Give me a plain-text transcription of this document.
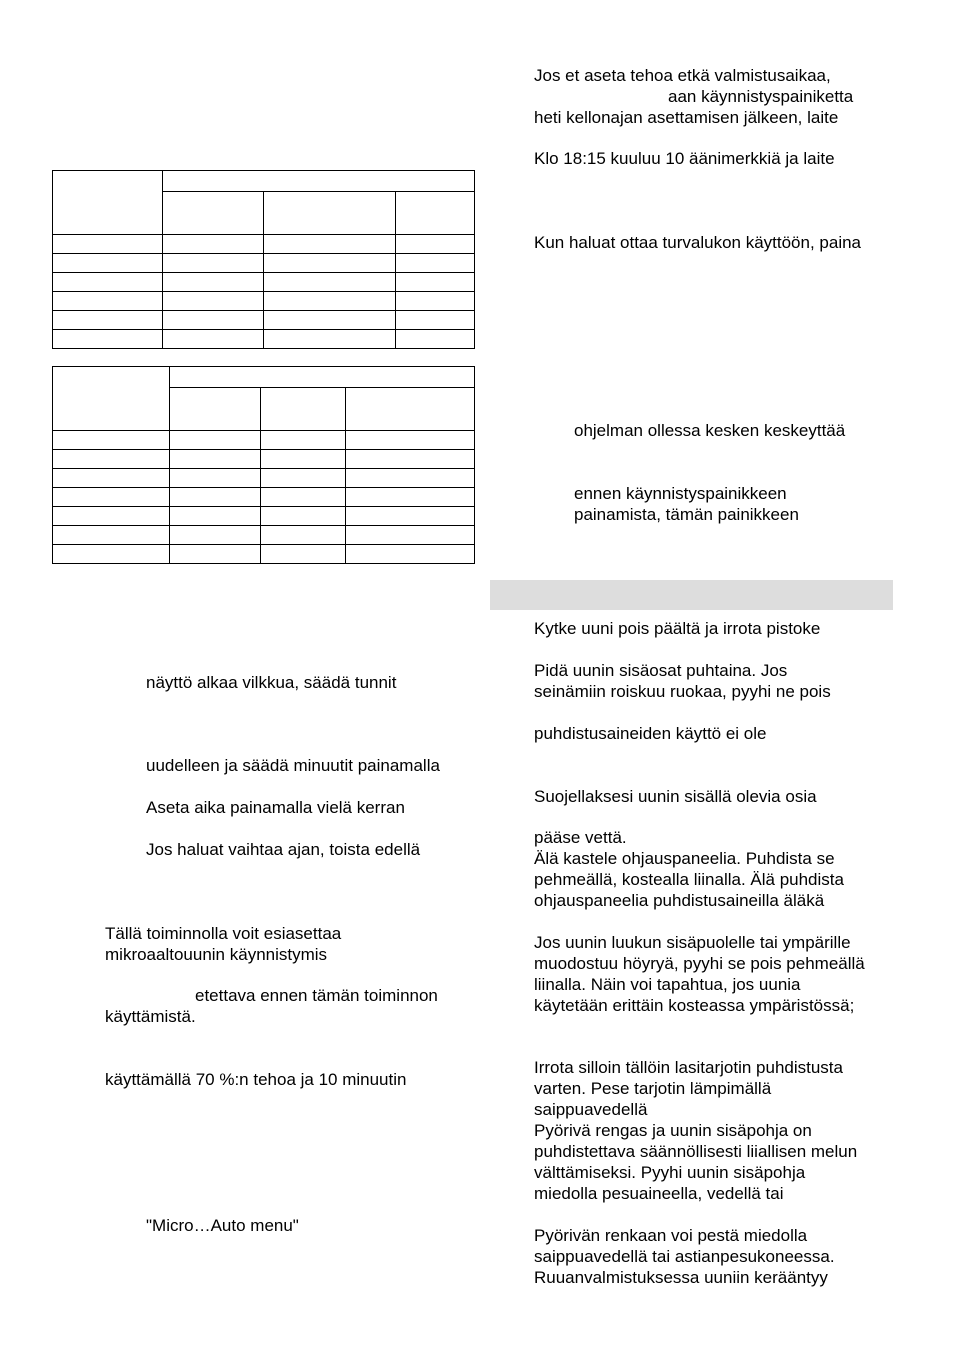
näyttö alkaa vilkkua, säädä tunnit
uudelleen ja säädä minuutit painamalla
Aseta aika painamalla vielä kerran
Jos haluat vaihtaa ajan, toista edellä
Tällä toiminnolla voit esiasettaa
mikroaaltouunin käynnistymis
etettava ennen tämän toiminnon
käyttämistä.
käyttämällä 70 %:n tehoa ja 10 minuutin
"Micro…Auto menu"
Jos et aseta tehoa etkä valmistusaikaa,
aan käynnistyspainiketta
heti kellonajan asettamisen jälkeen, laite
Klo 18:15 kuuluu 10 äänimerkkiä ja laite
Kun haluat ottaa turvalukon käyttöön, paina
ohjelman ollessa kesken keskeyttää
ennen käynnistyspainikkeen
painamista, tämän painikkeen
Kytke uuni pois päältä ja irrota pistoke
Pidä uunin sisäosat puhtaina. Jos
seinämiin roiskuu ruokaa, pyyhi ne pois
puhdistusaineiden käyttö ei ole
Suojellaksesi uunin sisällä olevia osia
pääse vettä.
Älä kastele ohjauspaneelia. Puhdista se
pehmeällä, kostealla liinalla. Älä puhdista
ohjauspaneelia puhdistusaineilla äläkä
Jos uunin luukun sisäpuolelle tai ympärille
muodostuu höyryä, pyyhi se pois pehmeällä
liinalla. Näin voi tapahtua, jos uunia
käytetään erittäin kosteassa ympäristössä;
Irrota silloin tällöin lasitarjotin puhdistusta
varten. Pese tarjotin lämpimällä
saippuavedellä
Pyörivä rengas ja uunin sisäpohja on
puhdistettava säännöllisesti liiallisen melun
välttämiseksi. Pyyhi uunin sisäpohja
miedolla pesuaineella, vedellä tai
Pyörivän renkaan voi pestä miedolla
saippuavedellä tai astianpesukoneessa.
Ruuanvalmistuksessa uuniin kerääntyy
